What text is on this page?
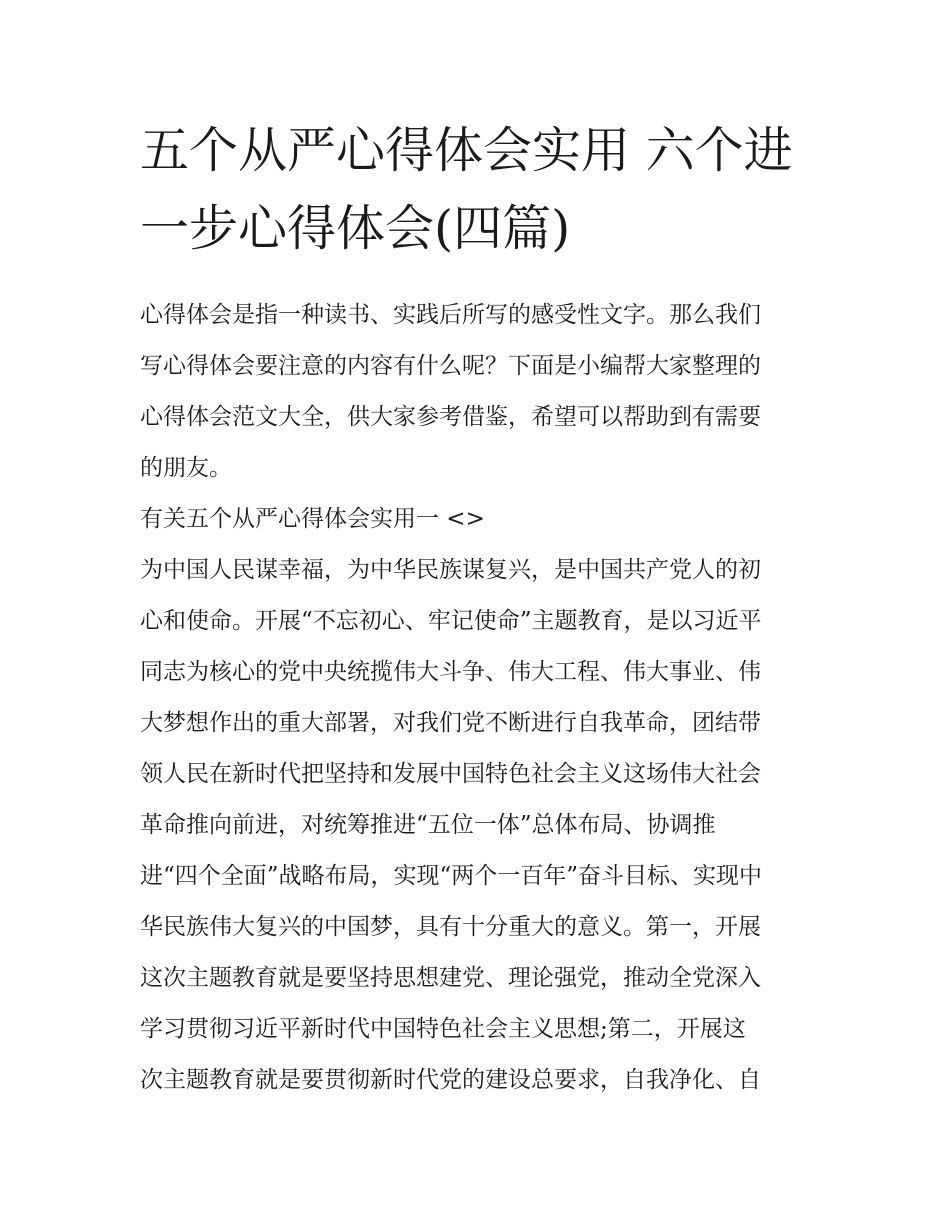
五个从严心得体会实用 六个进
一步心得体会(四篇)
心得体会是指一种读书、实践后所写的感受性文字。那么我们
写心得体会要注意的内容有什么呢？下面是小编帮大家整理的
心得体会范文大全，供大家参考借鉴，希望可以帮助到有需要
的朋友。
有关五个从严心得体会实用一 <>
为中国人民谋幸福，为中华民族谋复兴，是中国共产党人的初
心和使命。开展“不忘初心、牢记使命”主题教育，是以习近平
同志为核心的党中央统揽伟大斗争、伟大工程、伟大事业、伟
大梦想作出的重大部署，对我们党不断进行自我革命，团结带
领人民在新时代把坚持和发展中国特色社会主义这场伟大社会
革命推向前进，对统筹推进“五位一体”总体布局、协调推
进“四个全面”战略布局，实现“两个一百年”奋斗目标、实现中
华民族伟大复兴的中国梦，具有十分重大的意义。第一，开展
这次主题教育就是要坚持思想建党、理论强党，推动全党深入
学习贯彻习近平新时代中国特色社会主义思想;第二，开展这
次主题教育就是要贯彻新时代党的建设总要求，自我净化、自
